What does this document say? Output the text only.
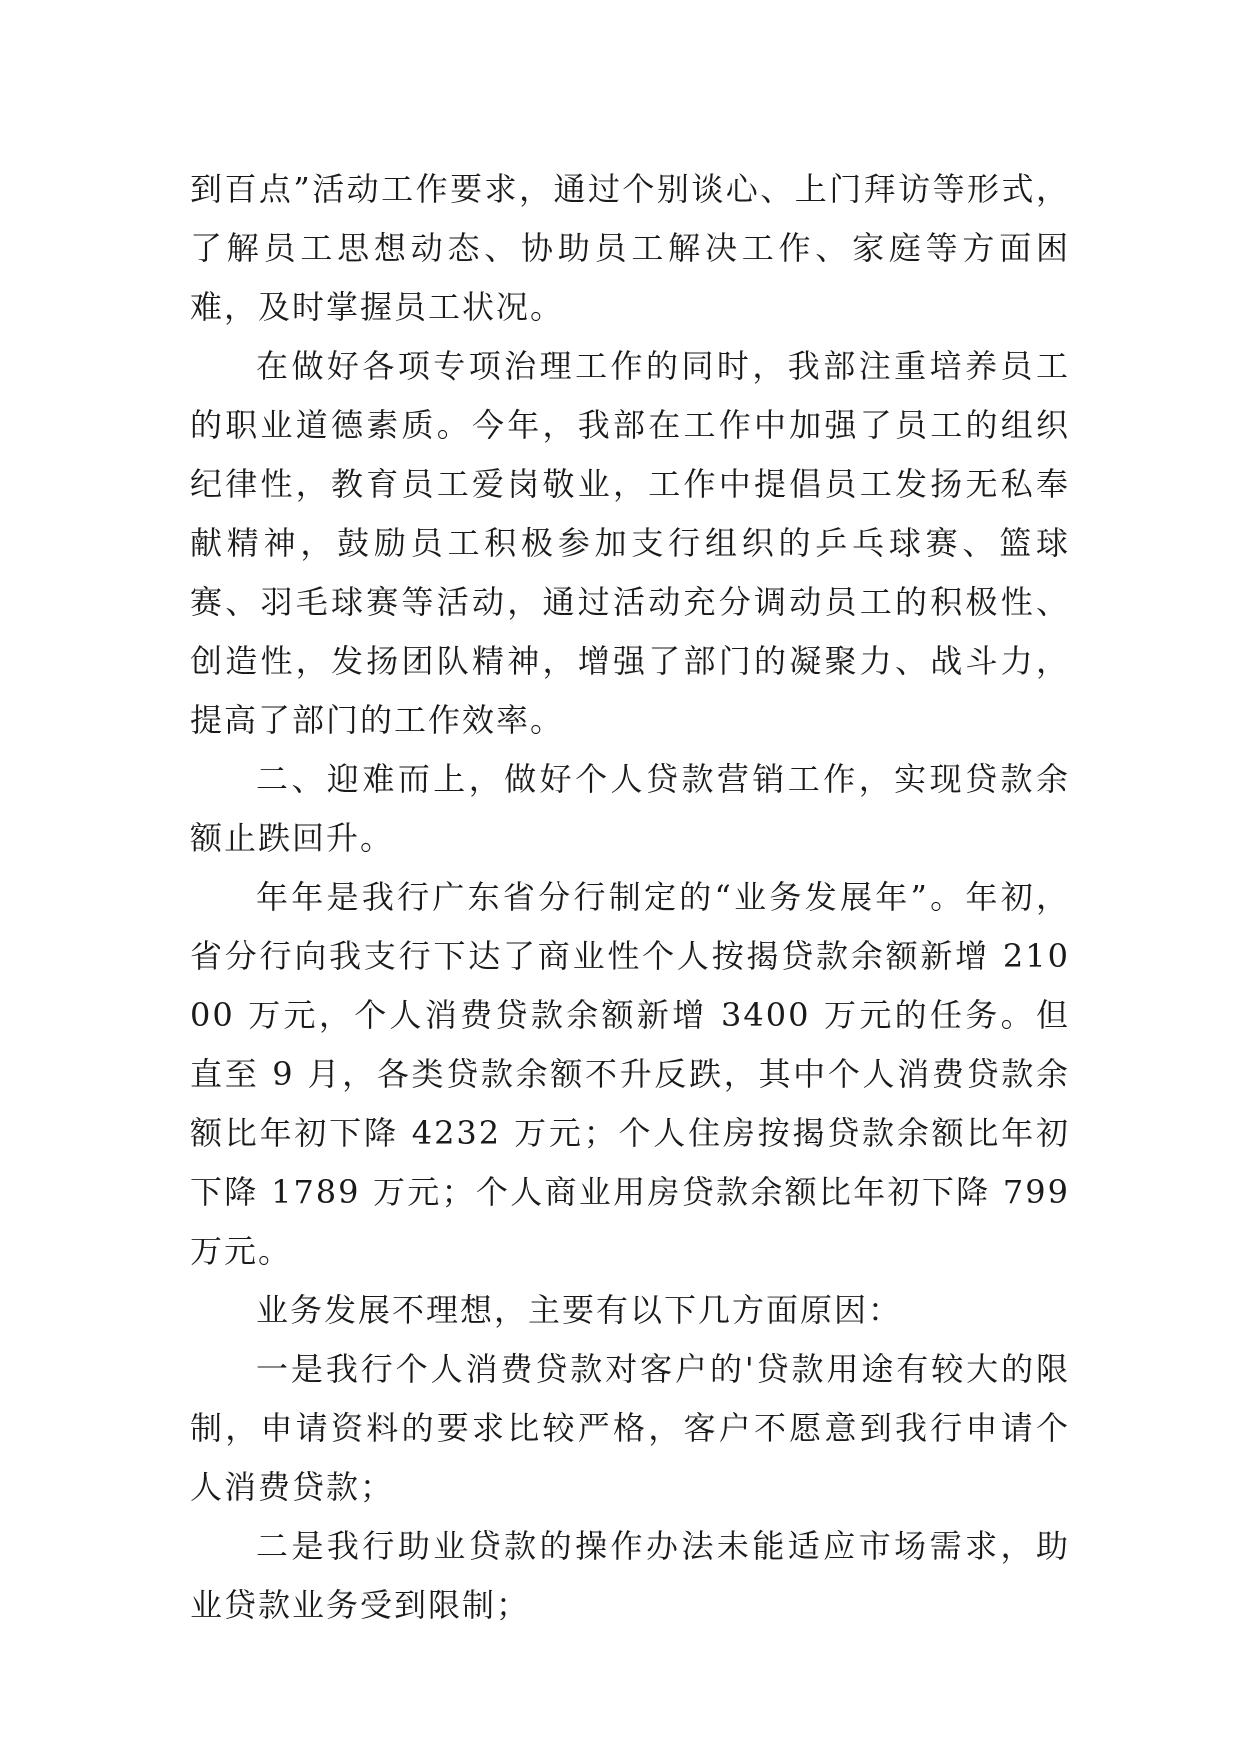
到百点”活动工作要求，通过个别谈心、上门拜访等形式，了解员工思想动态、协助员工解决工作、家庭等方面困难，及时掌握员工状况。

在做好各项专项治理工作的同时，我部注重培养员工的职业道德素质。今年，我部在工作中加强了员工的组织纪律性，教育员工爱岗敬业，工作中提倡员工发扬无私奉献精神，鼓励员工积极参加支行组织的乒乓球赛、篮球赛、羽毛球赛等活动，通过活动充分调动员工的积极性、创造性，发扬团队精神，增强了部门的凝聚力、战斗力，提高了部门的工作效率。

二、迎难而上，做好个人贷款营销工作，实现贷款余额止跌回升。

年年是我行广东省分行制定的“业务发展年”。年初，省分行向我支行下达了商业性个人按揭贷款余额新增 21000 万元，个人消费贷款余额新增 3400 万元的任务。但直至 9 月，各类贷款余额不升反跌，其中个人消费贷款余额比年初下降 4232 万元；个人住房按揭贷款余额比年初下降 1789 万元；个人商业用房贷款余额比年初下降 799 万元。

业务发展不理想，主要有以下几方面原因：

一是我行个人消费贷款对客户的'贷款用途有较大的限制，申请资料的要求比较严格，客户不愿意到我行申请个人消费贷款；

二是我行助业贷款的操作办法未能适应市场需求，助业贷款业务受到限制；
